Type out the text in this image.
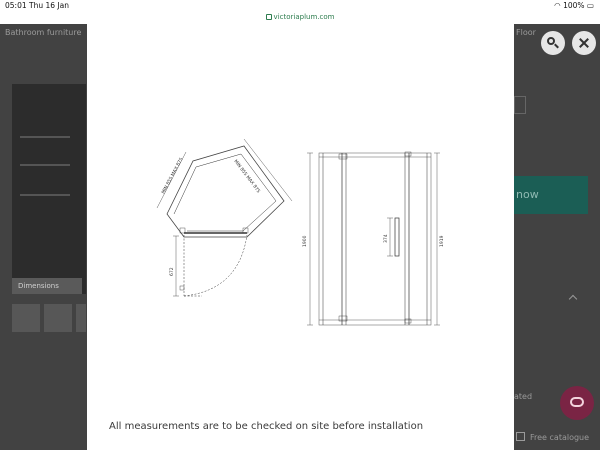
05:01 Thu 16 Jan	◠ 100% ▭
victoriaplum.com
Bathroom furniture	Floor
Dimensions
now
ated
Free catalogue
MIN 855 MAX 875	MIN 855 MAX 875
672
1900	374	1919
All measurements are to be checked on site before installation
